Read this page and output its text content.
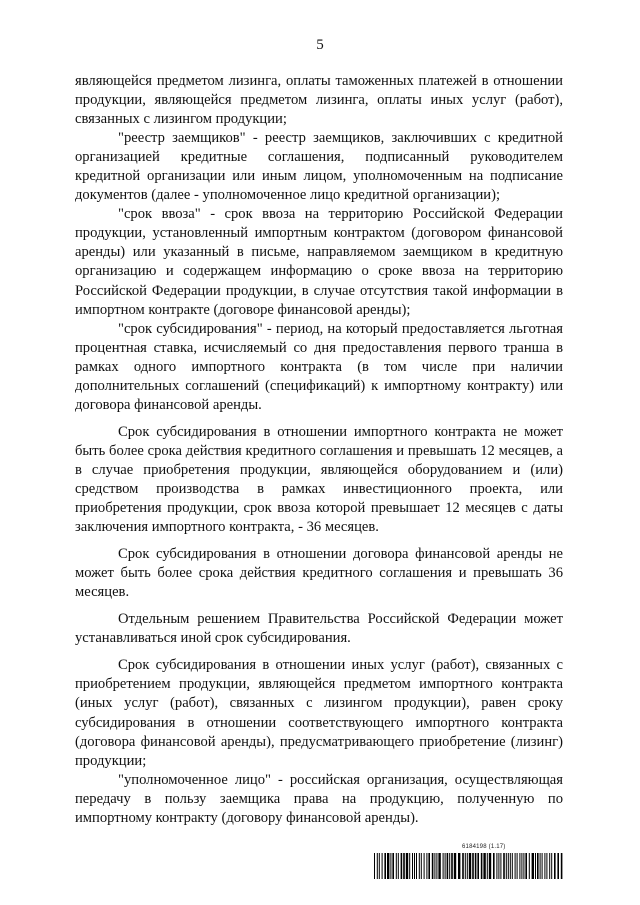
5

являющейся предметом лизинга, оплаты таможенных платежей в отношении продукции, являющейся предметом лизинга, оплаты иных услуг (работ), связанных с лизингом продукции;

"реестр заемщиков" - реестр заемщиков, заключивших с кредитной организацией кредитные соглашения, подписанный руководителем кредитной организации или иным лицом, уполномоченным на подписание документов (далее - уполномоченное лицо кредитной организации);

"срок ввоза" - срок ввоза на территорию Российской Федерации продукции, установленный импортным контрактом (договором финансовой аренды) или указанный в письме, направляемом заемщиком в кредитную организацию и содержащем информацию о сроке ввоза на территорию Российской Федерации продукции, в случае отсутствия такой информации в импортном контракте (договоре финансовой аренды);

"срок субсидирования" - период, на который предоставляется льготная процентная ставка, исчисляемый со дня предоставления первого транша в рамках одного импортного контракта (в том числе при наличии дополнительных соглашений (спецификаций) к импортному контракту) или договора финансовой аренды.

Срок субсидирования в отношении импортного контракта не может быть более срока действия кредитного соглашения и превышать 12 месяцев, а в случае приобретения продукции, являющейся оборудованием и (или) средством производства в рамках инвестиционного проекта, или приобретения продукции, срок ввоза которой превышает 12 месяцев с даты заключения импортного контракта, - 36 месяцев.

Срок субсидирования в отношении договора финансовой аренды не может быть более срока действия кредитного соглашения и превышать 36 месяцев.

Отдельным решением Правительства Российской Федерации может устанавливаться иной срок субсидирования.

Срок субсидирования в отношении иных услуг (работ), связанных с приобретением продукции, являющейся предметом импортного контракта (иных услуг (работ), связанных с лизингом продукции), равен сроку субсидирования в отношении соответствующего импортного контракта (договора финансовой аренды), предусматривающего приобретение (лизинг) продукции;

"уполномоченное лицо" - российская организация, осуществляющая передачу в пользу заемщика права на продукцию, полученную по импортному контракту (договору финансовой аренды).

6184198 (1.17)
